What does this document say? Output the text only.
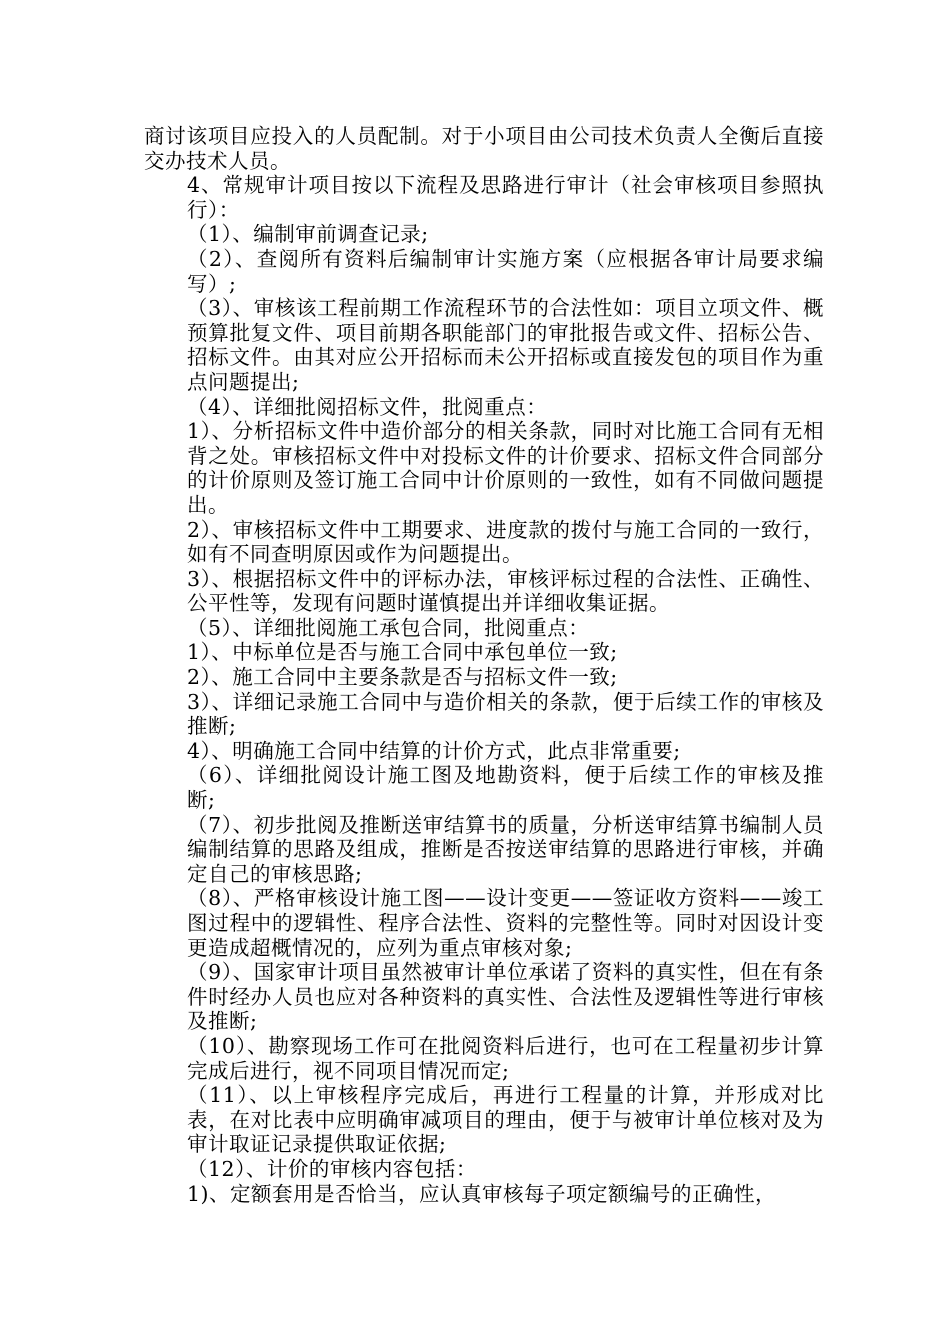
商讨该项目应投入的人员配制。对于小项目由公司技术负责人全衡后直接交办技术人员。

4、常规审计项目按以下流程及思路进行审计（社会审核项目参照执行）：

（1）、编制审前调查记录;

（2）、查阅所有资料后编制审计实施方案（应根据各审计局要求编写）;

（3）、审核该工程前期工作流程环节的合法性如：项目立项文件、概预算批复文件、项目前期各职能部门的审批报告或文件、招标公告、招标文件。由其对应公开招标而未公开招标或直接发包的项目作为重点问题提出;

（4）、详细批阅招标文件，批阅重点：

1）、分析招标文件中造价部分的相关条款，同时对比施工合同有无相背之处。审核招标文件中对投标文件的计价要求、招标文件合同部分的计价原则及签订施工合同中计价原则的一致性，如有不同做问题提出。

2）、审核招标文件中工期要求、进度款的拨付与施工合同的一致行，如有不同查明原因或作为问题提出。

3）、根据招标文件中的评标办法，审核评标过程的合法性、正确性、公平性等，发现有问题时谨慎提出并详细收集证据。

（5）、详细批阅施工承包合同，批阅重点：

1）、中标单位是否与施工合同中承包单位一致;

2）、施工合同中主要条款是否与招标文件一致;

3）、详细记录施工合同中与造价相关的条款，便于后续工作的审核及推断;

4）、明确施工合同中结算的计价方式，此点非常重要;

（6）、详细批阅设计施工图及地勘资料，便于后续工作的审核及推断;

（7）、初步批阅及推断送审结算书的质量，分析送审结算书编制人员编制结算的思路及组成，推断是否按送审结算的思路进行审核，并确定自己的审核思路;

（8）、严格审核设计施工图——设计变更——签证收方资料——竣工图过程中的逻辑性、程序合法性、资料的完整性等。同时对因设计变更造成超概情况的，应列为重点审核对象;

（9）、国家审计项目虽然被审计单位承诺了资料的真实性，但在有条件时经办人员也应对各种资料的真实性、合法性及逻辑性等进行审核及推断;

（10）、勘察现场工作可在批阅资料后进行，也可在工程量初步计算完成后进行，视不同项目情况而定;

（11）、以上审核程序完成后，再进行工程量的计算，并形成对比表，在对比表中应明确审减项目的理由，便于与被审计单位核对及为审计取证记录提供取证依据;

（12）、计价的审核内容包括：

1)、定额套用是否恰当，应认真审核每子项定额编号的正确性，
